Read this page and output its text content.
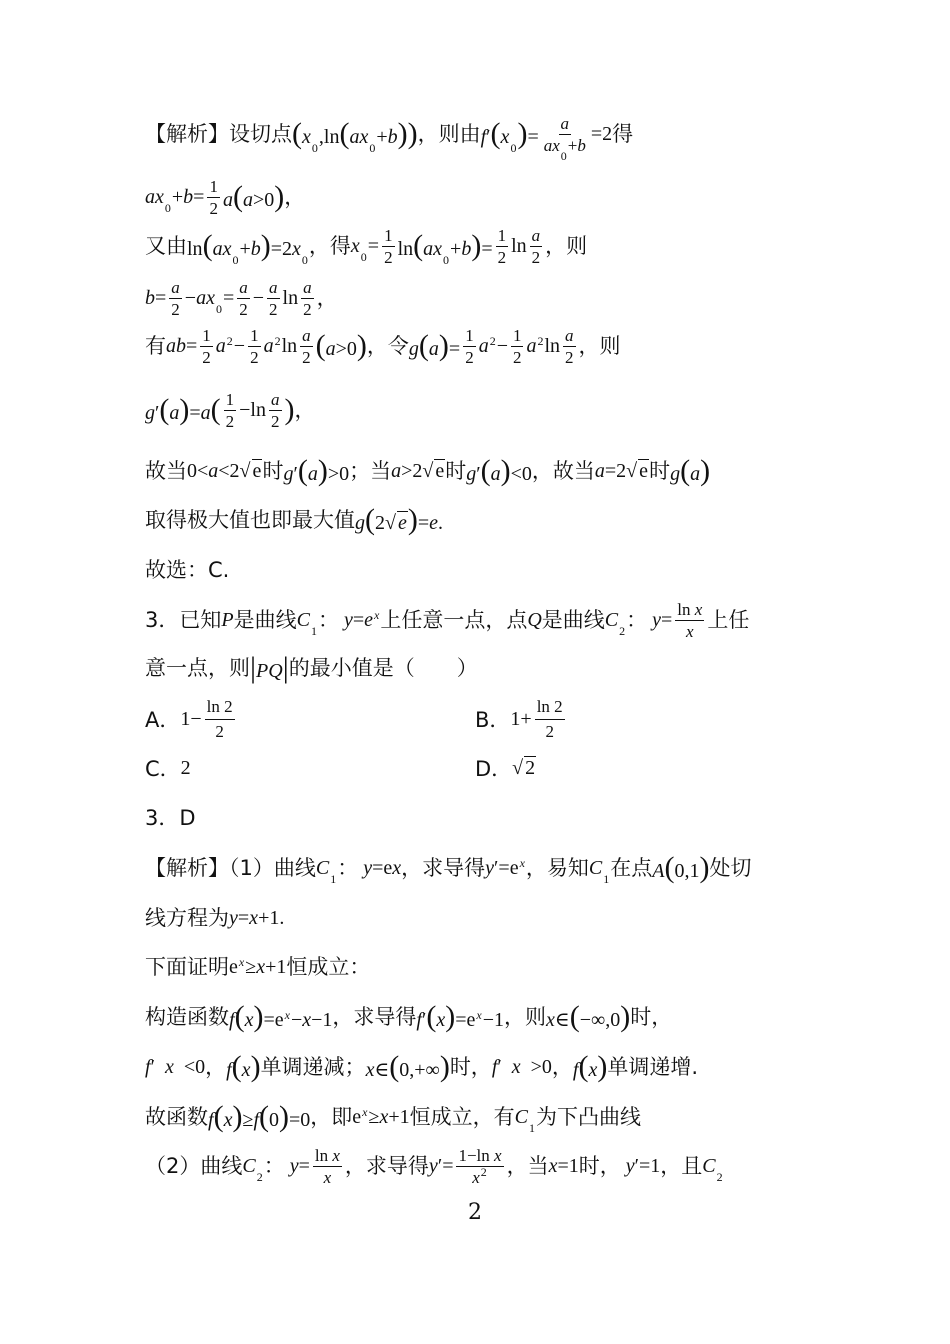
【解析】设切点 $(x_0,\ln(ax_0+b))$ ，则由 $f'(x_0)= \frac{a}{ax_0+b} =2$ 得
$ax_0+b= \frac{1}{2} a(a>0)$ ，
又由 $\ln(ax_0+b)=2x_0$
，得 $x_0= \frac{1}{2} \ln(ax_0+b)= \frac{1}{2}$ $\ln \frac{a}{2}$ ，则
$b= \frac{a}{2} -ax_0= \frac{a}{2} - \frac{a}{2}$ $\ln \frac{a}{2}$ ，
有 $ab= \frac{1}{2} a^2- \frac{1}{2} a^2\ln \frac{a}{2} (a>0)$ ，令 $g(a)= \frac{1}{2} a^2- \frac{1}{2} a^2\ln \frac{a}{2}$ ，则
$g'(a)=a( \frac{1}{2} -\ln \frac{a}{2}$ ) ，
故当 0<a<2√ e 时 g′(a)>0 ；当 a>2√ e 时 g′(a)<0 ，故当 a=2√ e 时 g(a)
取得极大值也即最大值 g(2√ e)=e.
故选：C.
3．已知 P 是曲线 $C_1$ ： $y=e^x$ 上任意一点，点 Q 是曲线 $C_2$ ： $y= \frac{\text{ln x}}{x}$ 上任
意一点，则 |PQ| 的最小值是（　　）
A． $1- \frac{\ln 2}{2}$	B． $1+ \frac{\ln 2}{2}$
C． 2	D． √ 2
3．D
【解析】（1）曲线 $C_1$ ： y=ex ，求导得 $y'=e^x$ ，易知 $C_1$ 在点 A(0,1) 处切
线方程为 y=x+1.
下面证明 $e^x\ge x+1$ 恒成立：
构造函数 $f(x)=e^x-x-1$ ，求导得 $f'(x)=e^x-1$ ，则 x∈(−∞,0) 时，
f′  x  <0 ， f(x) 单调递减； x∈(0,+∞) 时， f′  x  >0 ， f(x) 单调递增.
故函数 f(x)≥f(0)=0 ，即 $e^x\ge x+1$ 恒成立，有 $C_1$ 为下凸曲线
（2）曲线 $C_2$ ： $y= \frac{\text{ln x}}{x}$ ，求导得 $y'= \frac{\text{1−ln x}}{x^2}$ ，当 x=1 时， y′=1 ，且 $C_2$
2
